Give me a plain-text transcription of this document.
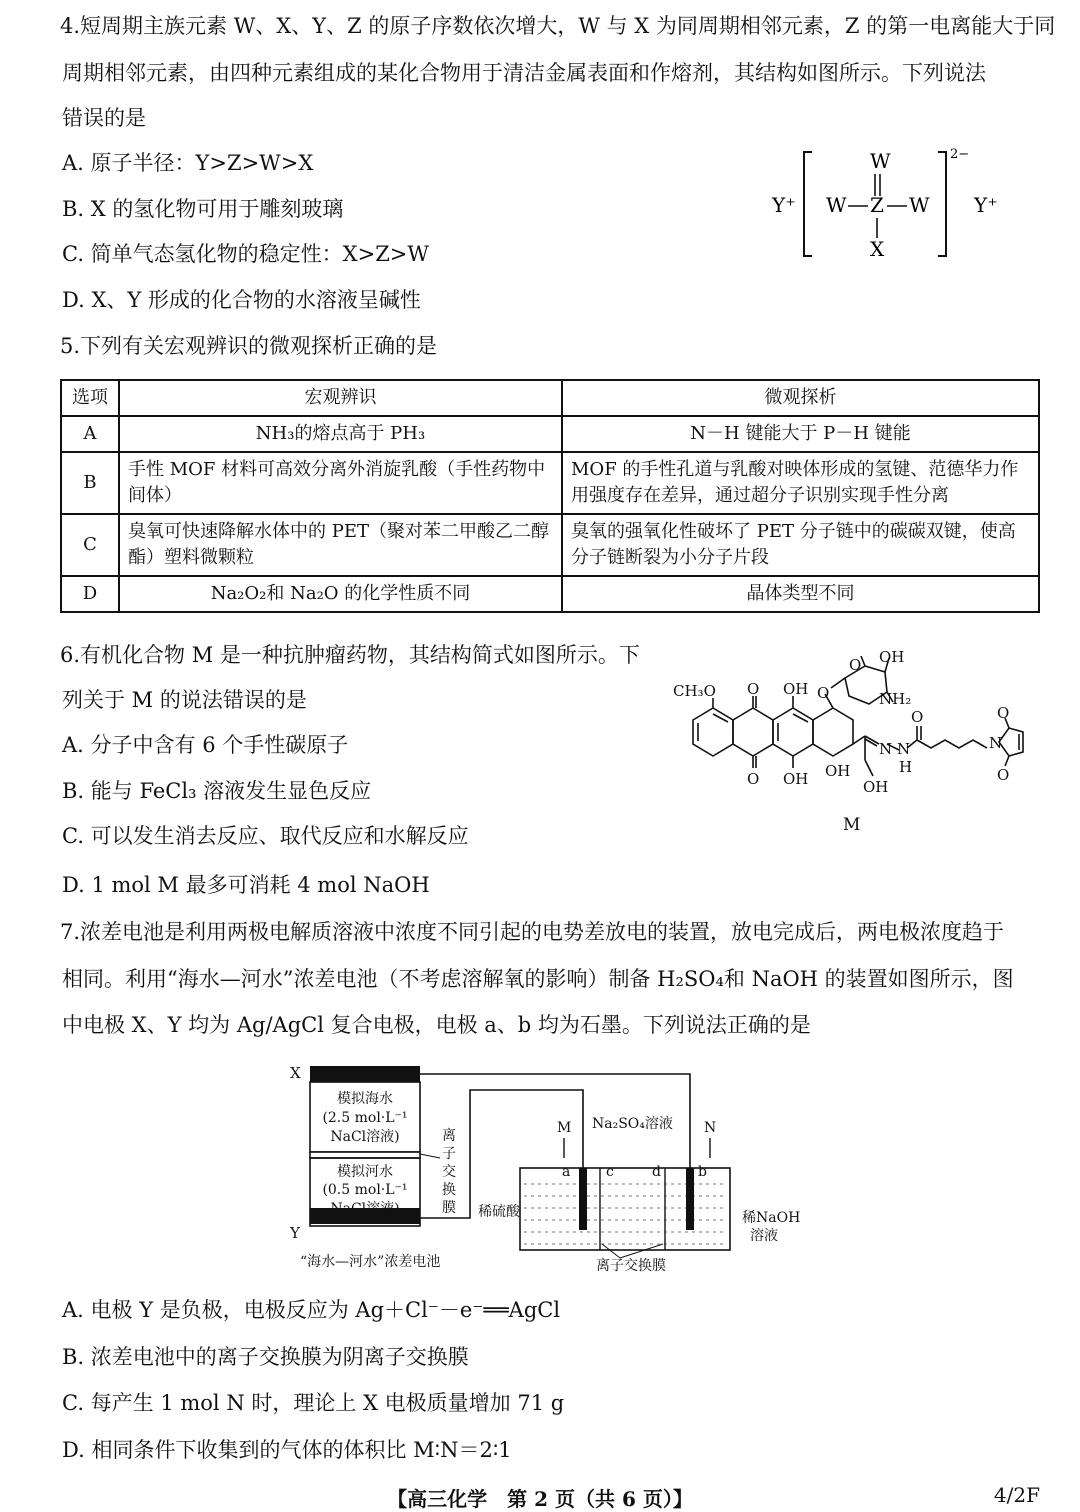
4.短周期主族元素 W、X、Y、Z 的原子序数依次增大，W 与 X 为同周期相邻元素，Z 的第一电离能大于同
周期相邻元素，由四种元素组成的某化合物用于清洁金属表面和作熔剂，其结构如图所示。下列说法
错误的是
A. 原子半径：Y>Z>W>X
B. X 的氢化物可用于雕刻玻璃
C. 简单气态氢化物的稳定性：X>Z>W
D. X、Y 形成的化合物的水溶液呈碱性
Y⁺
W
W Z W
X
2−
Y⁺
5.下列有关宏观辨识的微观探析正确的是
选项	宏观辨识	微观探析
A	NH₃的熔点高于 PH₃	N－H 键能大于 P－H 键能
B	手性 MOF 材料可高效分离外消旋乳酸（手性药物中间体）	MOF 的手性孔道与乳酸对映体形成的氢键、范德华力作用强度存在差异，通过超分子识别实现手性分离
C	臭氧可快速降解水体中的 PET（聚对苯二甲酸乙二醇酯）塑料微颗粒	臭氧的强氧化性破坏了 PET 分子链中的碳碳双键，使高分子链断裂为小分子片段
D	Na₂O₂和 Na₂O 的化学性质不同	晶体类型不同
6.有机化合物 M 是一种抗肿瘤药物，其结构简式如图所示。下
列关于 M 的说法错误的是
A. 分子中含有 6 个手性碳原子
B. 能与 FeCl₃ 溶液发生显色反应
C. 可以发生消去反应、取代反应和水解反应
D. 1 mol M 最多可消耗 4 mol NaOH
CH₃O O OH
O OH
O
O OH
NH₂
OH
N N
H
O
OH
N
O
O
M
7.浓差电池是利用两极电解质溶液中浓度不同引起的电势差放电的装置，放电完成后，两电极浓度趋于
相同。利用“海水—河水”浓差电池（不考虑溶解氧的影响）制备 H₂SO₄和 NaOH 的装置如图所示，图
中电极 X、Y 均为 Ag/AgCl 复合电极，电极 a、b 均为石墨。下列说法正确的是
X
Y
模拟海水
(2.5 mol·L⁻¹
NaCl溶液)
模拟河水
(0.5 mol·L⁻¹
NaCl溶液)
离
子
交
换
膜
“海水—河水”浓差电池
M	N
Na₂SO₄溶液
a	b
c	d
稀硫酸	稀NaOH
溶液
离子交换膜
A. 电极 Y 是负极，电极反应为 Ag＋Cl⁻－e⁻══AgCl
B. 浓差电池中的离子交换膜为阴离子交换膜
C. 每产生 1 mol N 时，理论上 X 电极质量增加 71 g
D. 相同条件下收集到的气体的体积比 M∶N＝2∶1
【高三化学　第 2 页（共 6 页）】	4/2F
